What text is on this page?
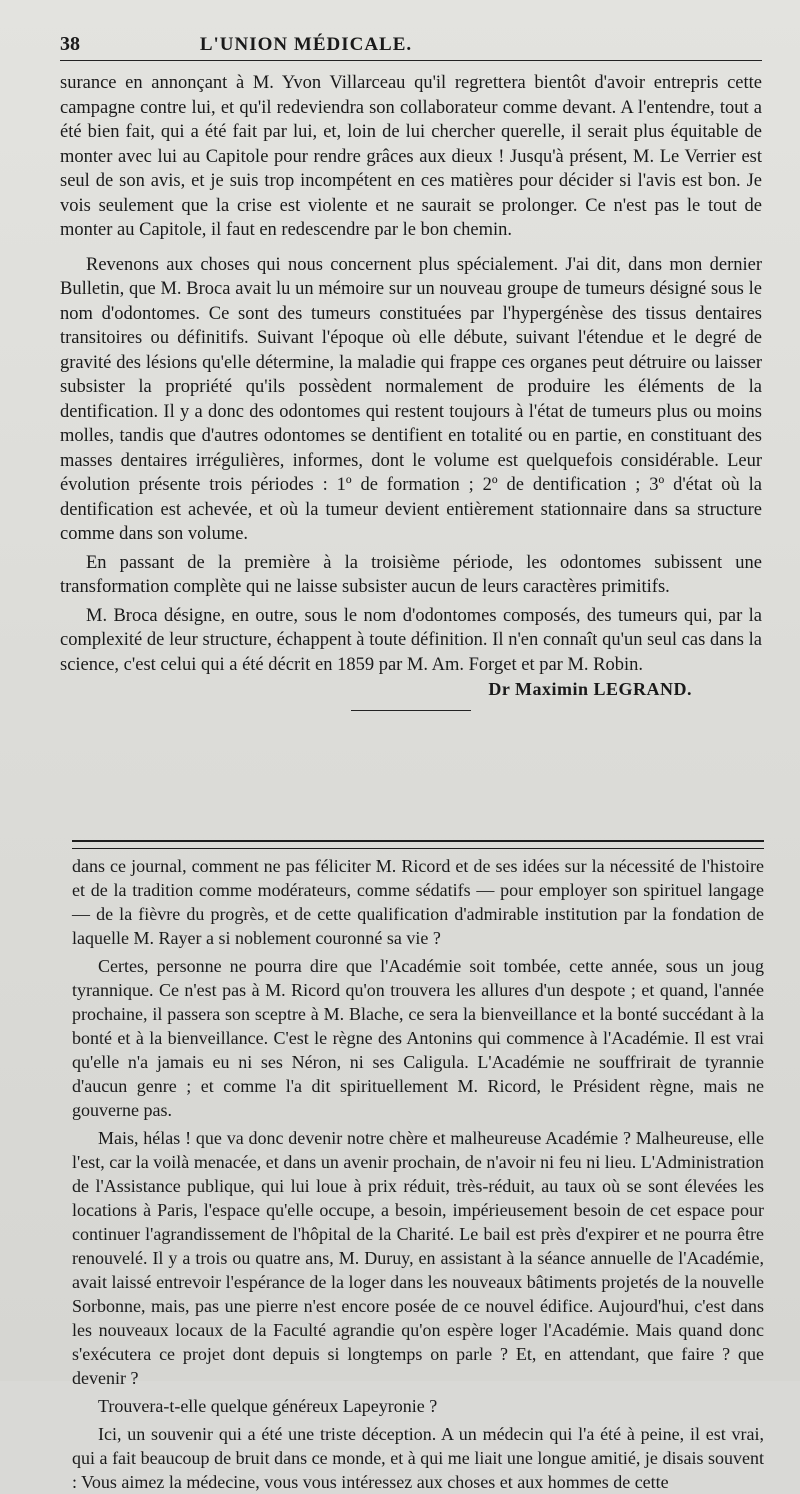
38	L'UNION MÉDICALE.

surance en annonçant à M. Yvon Villarceau qu'il regrettera bientôt d'avoir entrepris cette campagne contre lui, et qu'il redeviendra son collaborateur comme devant. A l'entendre, tout a été bien fait, qui a été fait par lui, et, loin de lui chercher querelle, il serait plus équitable de monter avec lui au Capitole pour rendre grâces aux dieux ! Jusqu'à présent, M. Le Verrier est seul de son avis, et je suis trop incompétent en ces matières pour décider si l'avis est bon. Je vois seulement que la crise est violente et ne saurait se prolonger. Ce n'est pas le tout de monter au Capitole, il faut en redescendre par le bon chemin.

Revenons aux choses qui nous concernent plus spécialement. J'ai dit, dans mon dernier Bulletin, que M. Broca avait lu un mémoire sur un nouveau groupe de tumeurs désigné sous le nom d'odontomes. Ce sont des tumeurs constituées par l'hypergénèse des tissus dentaires transitoires ou définitifs. Suivant l'époque où elle débute, suivant l'étendue et le degré de gravité des lésions qu'elle détermine, la maladie qui frappe ces organes peut détruire ou laisser subsister la propriété qu'ils possèdent normalement de produire les éléments de la dentification. Il y a donc des odontomes qui restent toujours à l'état de tumeurs plus ou moins molles, tandis que d'autres odontomes se dentifient en totalité ou en partie, en constituant des masses dentaires irrégulières, informes, dont le volume est quelquefois considérable. Leur évolution présente trois périodes : 1º de formation ; 2º de dentification ; 3º d'état où la dentification est achevée, et où la tumeur devient entièrement stationnaire dans sa structure comme dans son volume.

En passant de la première à la troisième période, les odontomes subissent une transformation complète qui ne laisse subsister aucun de leurs caractères primitifs.

M. Broca désigne, en outre, sous le nom d'odontomes composés, des tumeurs qui, par la complexité de leur structure, échappent à toute définition. Il n'en connaît qu'un seul cas dans la science, c'est celui qui a été décrit en 1859 par M. Am. Forget et par M. Robin.

Dr Maximin LEGRAND.

dans ce journal, comment ne pas féliciter M. Ricord et de ses idées sur la nécessité de l'histoire et de la tradition comme modérateurs, comme sédatifs — pour employer son spirituel langage — de la fièvre du progrès, et de cette qualification d'admirable institution par la fondation de laquelle M. Rayer a si noblement couronné sa vie ?

Certes, personne ne pourra dire que l'Académie soit tombée, cette année, sous un joug tyrannique. Ce n'est pas à M. Ricord qu'on trouvera les allures d'un despote ; et quand, l'année prochaine, il passera son sceptre à M. Blache, ce sera la bienveillance et la bonté succédant à la bonté et à la bienveillance. C'est le règne des Antonins qui commence à l'Académie. Il est vrai qu'elle n'a jamais eu ni ses Néron, ni ses Caligula. L'Académie ne souffrirait de tyrannie d'aucun genre ; et comme l'a dit spirituellement M. Ricord, le Président règne, mais ne gouverne pas.

Mais, hélas ! que va donc devenir notre chère et malheureuse Académie ? Malheureuse, elle l'est, car la voilà menacée, et dans un avenir prochain, de n'avoir ni feu ni lieu. L'Administration de l'Assistance publique, qui lui loue à prix réduit, très-réduit, au taux où se sont élevées les locations à Paris, l'espace qu'elle occupe, a besoin, impérieusement besoin de cet espace pour continuer l'agrandissement de l'hôpital de la Charité. Le bail est près d'expirer et ne pourra être renouvelé. Il y a trois ou quatre ans, M. Duruy, en assistant à la séance annuelle de l'Académie, avait laissé entrevoir l'espérance de la loger dans les nouveaux bâtiments projetés de la nouvelle Sorbonne, mais, pas une pierre n'est encore posée de ce nouvel édifice. Aujourd'hui, c'est dans les nouveaux locaux de la Faculté agrandie qu'on espère loger l'Académie. Mais quand donc s'exécutera ce projet dont depuis si longtemps on parle ? Et, en attendant, que faire ? que devenir ?

Trouvera-t-elle quelque généreux Lapeyronie ?

Ici, un souvenir qui a été une triste déception. A un médecin qui l'a été à peine, il est vrai, qui a fait beaucoup de bruit dans ce monde, et à qui me liait une longue amitié, je disais souvent : Vous aimez la médecine, vous vous intéressez aux choses et aux hommes de cette
